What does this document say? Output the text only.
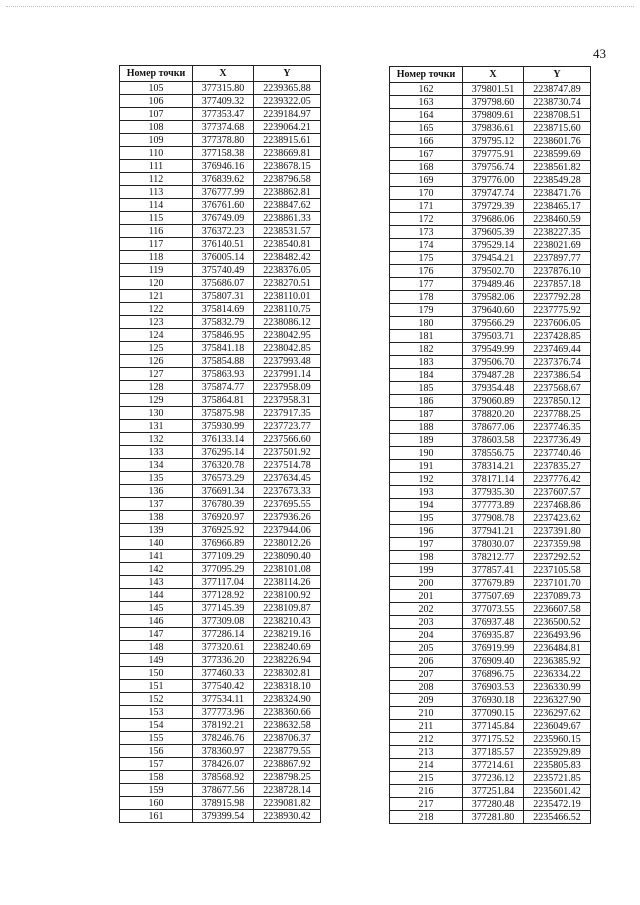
43
Номер точки	X	Y
105	377315.80	2239365.88
106	377409.32	2239322.05
107	377353.47	2239184.97
108	377374.68	2239064.21
109	377378.80	2238915.61
110	377158.38	2238669.81
111	376946.16	2238678.15
112	376839.62	2238796.58
113	376777.99	2238862.81
114	376761.60	2238847.62
115	376749.09	2238861.33
116	376372.23	2238531.57
117	376140.51	2238540.81
118	376005.14	2238482.42
119	375740.49	2238376.05
120	375686.07	2238270.51
121	375807.31	2238110.01
122	375814.69	2238110.75
123	375832.79	2238086.12
124	375846.95	2238042.95
125	375841.18	2238042.85
126	375854.88	2237993.48
127	375863.93	2237991.14
128	375874.77	2237958.09
129	375864.81	2237958.31
130	375875.98	2237917.35
131	375930.99	2237723.77
132	376133.14	2237566.60
133	376295.14	2237501.92
134	376320.78	2237514.78
135	376573.29	2237634.45
136	376691.34	2237673.33
137	376780.39	2237695.55
138	376920.97	2237936.26
139	376925.92	2237944.06
140	376966.89	2238012.26
141	377109.29	2238090.40
142	377095.29	2238101.08
143	377117.04	2238114.26
144	377128.92	2238100.92
145	377145.39	2238109.87
146	377309.08	2238210.43
147	377286.14	2238219.16
148	377320.61	2238240.69
149	377336.20	2238226.94
150	377460.33	2238302.81
151	377540.42	2238318.10
152	377534.11	2238324.90
153	377773.96	2238360.66
154	378192.21	2238632.58
155	378246.76	2238706.37
156	378360.97	2238779.55
157	378426.07	2238867.92
158	378568.92	2238798.25
159	378677.56	2238728.14
160	378915.98	2239081.82
161	379399.54	2238930.42
Номер точки	X	Y
162	379801.51	2238747.89
163	379798.60	2238730.74
164	379809.61	2238708.51
165	379836.61	2238715.60
166	379795.12	2238601.76
167	379775.91	2238599.69
168	379756.74	2238561.82
169	379776.00	2238549.28
170	379747.74	2238471.76
171	379729.39	2238465.17
172	379686.06	2238460.59
173	379605.39	2238227.35
174	379529.14	2238021.69
175	379454.21	2237897.77
176	379502.70	2237876.10
177	379489.46	2237857.18
178	379582.06	2237792.28
179	379640.60	2237775.92
180	379566.29	2237606.05
181	379503.71	2237428.85
182	379549.99	2237469.44
183	379506.70	2237376.74
184	379487.28	2237386.54
185	379354.48	2237568.67
186	379060.89	2237850.12
187	378820.20	2237788.25
188	378677.06	2237746.35
189	378603.58	2237736.49
190	378556.75	2237740.46
191	378314.21	2237835.27
192	378171.14	2237776.42
193	377935.30	2237607.57
194	377773.89	2237468.86
195	377908.78	2237423.62
196	377941.21	2237391.80
197	378030.07	2237359.98
198	378212.77	2237292.52
199	377857.41	2237105.58
200	377679.89	2237101.70
201	377507.69	2237089.73
202	377073.55	2236607.58
203	376937.48	2236500.52
204	376935.87	2236493.96
205	376919.99	2236484.81
206	376909.40	2236385.92
207	376896.75	2236334.22
208	376903.53	2236330.99
209	376930.18	2236327.90
210	377090.15	2236297.62
211	377145.84	2236049.67
212	377175.52	2235960.15
213	377185.57	2235929.89
214	377214.61	2235805.83
215	377236.12	2235721.85
216	377251.84	2235601.42
217	377280.48	2235472.19
218	377281.80	2235466.52
